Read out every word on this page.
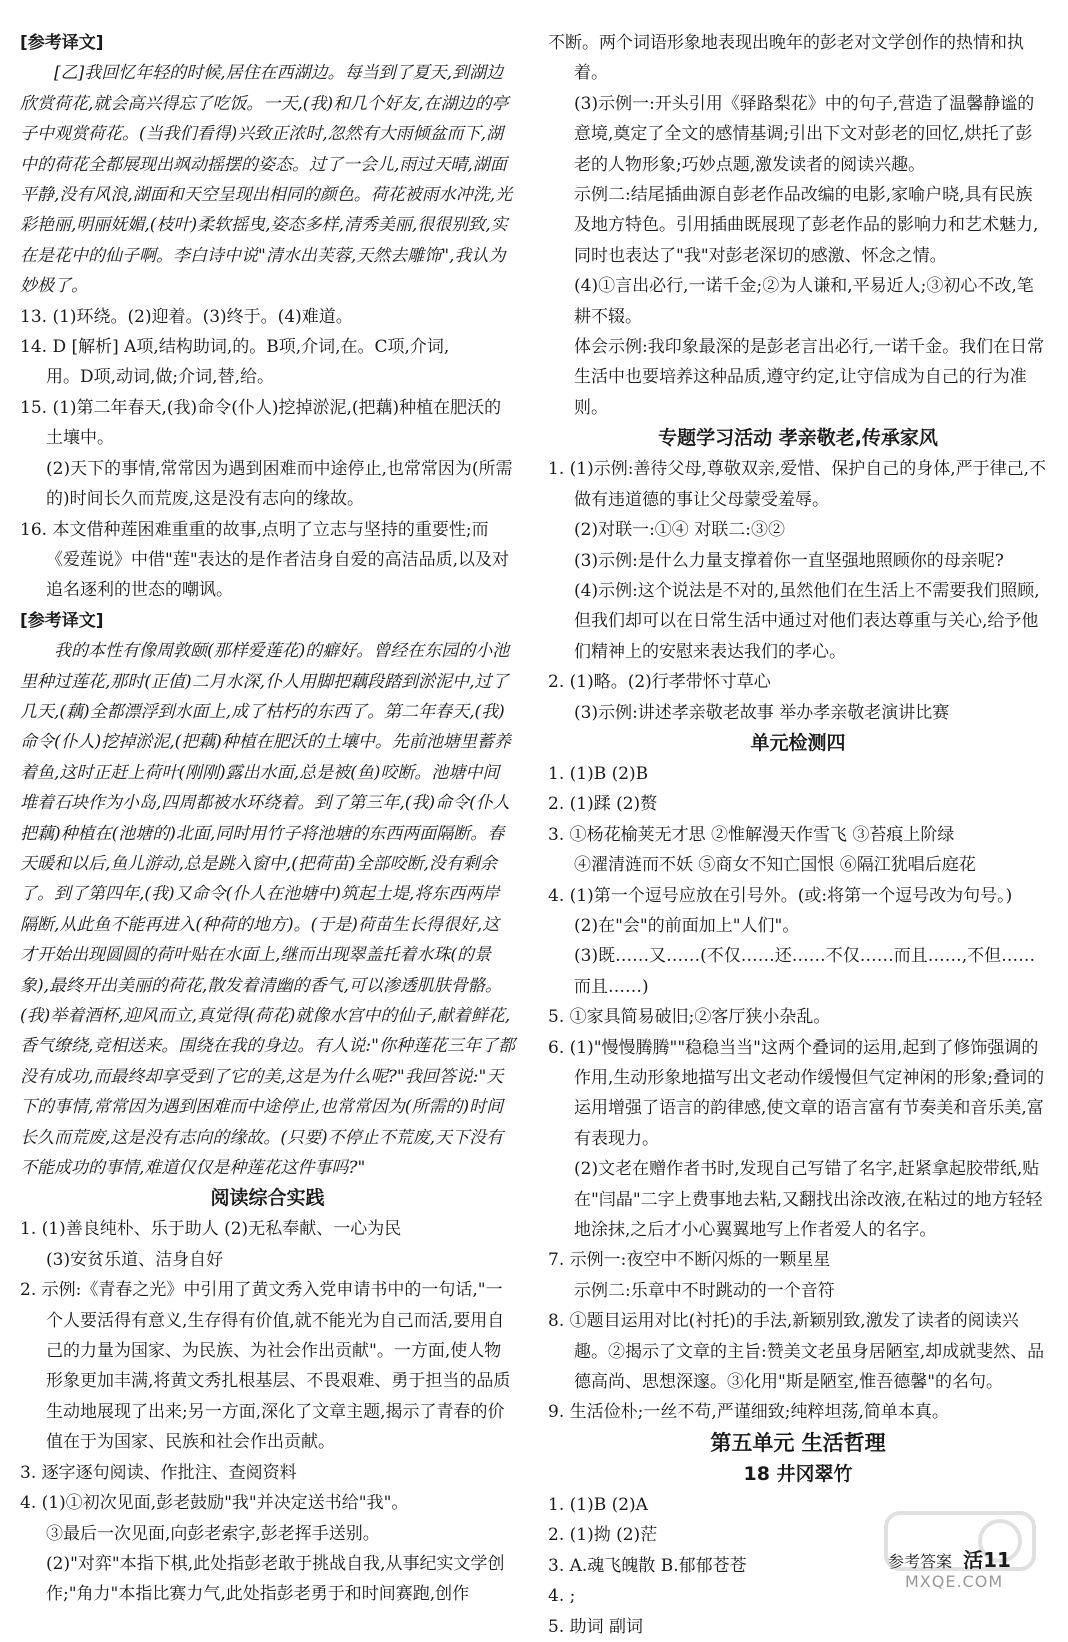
[参考译文]

[乙]我回忆年轻的时候,居住在西湖边。每当到了夏天,到湖边欣赏荷花,就会高兴得忘了吃饭。一天,(我)和几个好友,在湖边的亭子中观赏荷花。(当我们看得)兴致正浓时,忽然有大雨倾盆而下,湖中的荷花全都展现出飒动摇摆的姿态。过了一会儿,雨过天晴,湖面平静,没有风浪,湖面和天空呈现出相同的颜色。荷花被雨水冲洗,光彩艳丽,明丽妩媚,(枝叶)柔软摇曳,姿态多样,清秀美丽,很很别致,实在是花中的仙子啊。李白诗中说"清水出芙蓉,天然去雕饰",我认为妙极了。

13. (1)环绕。(2)迎着。(3)终于。(4)难道。

14. D [解析] A项,结构助词,的。B项,介词,在。C项,介词,
用。D项,动词,做;介词,替,给。

15. (1)第二年春天,(我)命令(仆人)挖掉淤泥,(把藕)种植在肥沃的土壤中。

(2)天下的事情,常常因为遇到困难而中途停止,也常常因为(所需的)时间长久而荒废,这是没有志向的缘故。

16. 本文借种莲困难重重的故事,点明了立志与坚持的重要性;而《爱莲说》中借"莲"表达的是作者洁身自爱的高洁品质,以及对追名逐利的世态的嘲讽。

[参考译文]

我的本性有像周敦颐(那样爱莲花)的癖好。曾经在东园的小池里种过莲花,那时(正值)二月水深,仆人用脚把藕段踏到淤泥中,过了几天,(藕)全都漂浮到水面上,成了枯朽的东西了。第二年春天,(我)命令(仆人)挖掉淤泥,(把藕)种植在肥沃的土壤中。先前池塘里蓄养着鱼,这时正赶上荷叶(刚刚)露出水面,总是被(鱼)咬断。池塘中间堆着石块作为小岛,四周都被水环绕着。到了第三年,(我)命令(仆人把藕)种植在(池塘的)北面,同时用竹子将池塘的东西两面隔断。春天暖和以后,鱼儿游动,总是跳入窗中,(把荷苗)全部咬断,没有剩余了。到了第四年,(我)又命令(仆人在池塘中)筑起土堤,将东西两岸隔断,从此鱼不能再进入(种荷的地方)。(于是)荷苗生长得很好,这才开始出现圆圆的荷叶贴在水面上,继而出现翠盖托着水珠(的景象),最终开出美丽的荷花,散发着清幽的香气,可以渗透肌肤骨骼。(我)举着酒杯,迎风而立,真觉得(荷花)就像水宫中的仙子,献着鲜花,香气缭绕,竞相送来。围绕在我的身边。有人说:"你种莲花三年了都没有成功,而最终却享受到了它的美,这是为什么呢?"我回答说:"天下的事情,常常因为遇到困难而中途停止,也常常因为(所需的)时间长久而荒废,这是没有志向的缘故。(只要)不停止不荒废,天下没有不能成功的事情,难道仅仅是种莲花这件事吗?"

阅读综合实践

1. (1)善良纯朴、乐于助人 (2)无私奉献、一心为民

(3)安贫乐道、洁身自好

2. 示例:《青春之光》中引用了黄文秀入党申请书中的一句话,"一个人要活得有意义,生存得有价值,就不能光为自己而活,要用自己的力量为国家、为民族、为社会作出贡献"。一方面,使人物形象更加丰满,将黄文秀扎根基层、不畏艰难、勇于担当的品质生动地展现了出来;另一方面,深化了文章主题,揭示了青春的价值在于为国家、民族和社会作出贡献。

3. 逐字逐句阅读、作批注、查阅资料

4. (1)①初次见面,彭老鼓励"我"并决定送书给"我"。

③最后一次见面,向彭老索字,彭老挥手送别。

(2)"对弈"本指下棋,此处指彭老敢于挑战自我,从事纪实文学创作;"角力"本指比赛力气,此处指彭老勇于和时间赛跑,创作

不断。两个词语形象地表现出晚年的彭老对文学创作的热情和执着。

(3)示例一:开头引用《驿路梨花》中的句子,营造了温馨静谧的意境,奠定了全文的感情基调;引出下文对彭老的回忆,烘托了彭老的人物形象;巧妙点题,激发读者的阅读兴趣。

示例二:结尾插曲源自彭老作品改编的电影,家喻户晓,具有民族及地方特色。引用插曲既展现了彭老作品的影响力和艺术魅力,同时也表达了"我"对彭老深切的感激、怀念之情。

(4)①言出必行,一诺千金;②为人谦和,平易近人;③初心不改,笔耕不辍。

体会示例:我印象最深的是彭老言出必行,一诺千金。我们在日常生活中也要培养这种品质,遵守约定,让守信成为自己的行为准则。

专题学习活动 孝亲敬老,传承家风

1. (1)示例:善待父母,尊敬双亲,爱惜、保护自己的身体,严于律己,不做有违道德的事让父母蒙受羞辱。

(2)对联一:①④ 对联二:③②

(3)示例:是什么力量支撑着你一直坚强地照顾你的母亲呢?

(4)示例:这个说法是不对的,虽然他们在生活上不需要我们照顾,但我们却可以在日常生活中通过对他们表达尊重与关心,给予他们精神上的安慰来表达我们的孝心。

2. (1)略。(2)行孝带怀寸草心

(3)示例:讲述孝亲敬老故事 举办孝亲敬老演讲比赛

单元检测四

1. (1)B (2)B

2. (1)蹂 (2)赘

3. ①杨花榆荚无才思 ②惟解漫天作雪飞 ③苔痕上阶绿

④濯清涟而不妖 ⑤商女不知亡国恨 ⑥隔江犹唱后庭花

4. (1)第一个逗号应放在引号外。(或:将第一个逗号改为句号。)

(2)在"会"的前面加上"人们"。

(3)既……又……(不仅……还……不仅……而且……,不但……而且……)

5. ①家具简易破旧;②客厅狭小杂乱。

6. (1)"慢慢腾腾""稳稳当当"这两个叠词的运用,起到了修饰强调的作用,生动形象地描写出文老动作缓慢但气定神闲的形象;叠词的运用增强了语言的韵律感,使文章的语言富有节奏美和音乐美,富有表现力。

(2)文老在赠作者书时,发现自己写错了名字,赶紧拿起胶带纸,贴在"闫晶"二字上费事地去粘,又翻找出涂改液,在粘过的地方轻轻地涂抹,之后才小心翼翼地写上作者爱人的名字。

7. 示例一:夜空中不断闪烁的一颗星星

示例二:乐章中不时跳动的一个音符

8. ①题目运用对比(衬托)的手法,新颖别致,激发了读者的阅读兴趣。②揭示了文章的主旨:赞美文老虽身居陋室,却成就斐然、品德高尚、思想深邃。③化用"斯是陋室,惟吾德馨"的名句。

9. 生活俭朴;一丝不苟,严谨细致;纯粹坦荡,简单本真。

第五单元 生活哲理

18 井冈翠竹

1. (1)B (2)A

2. (1)拗 (2)茫

3. A.魂飞魄散 B.郁郁苍苍

4. ;

5. 助词 副词

MXQE.COM
参考答案 活11
